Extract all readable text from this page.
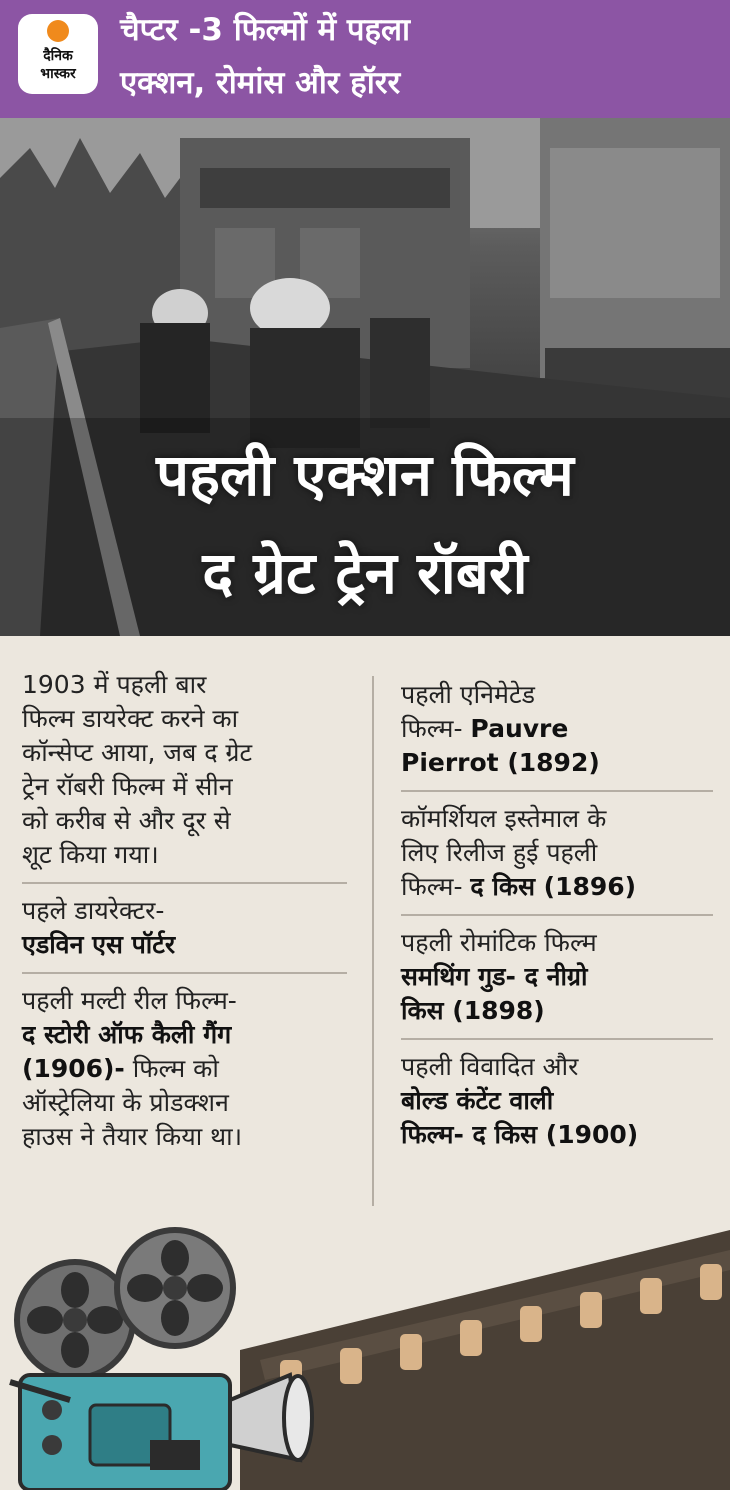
दैनिक
भास्कर
चैप्टर -3 फिल्मों में पहला
एक्शन, रोमांस और हॉरर
पहली एक्शन फिल्म
द ग्रेट ट्रेन रॉबरी
1903 में पहली बार
फिल्म डायरेक्ट करने का
कॉन्सेप्ट आया, जब द ग्रेट
ट्रेन रॉबरी फिल्म में सीन
को करीब से और दूर से
शूट किया गया।
पहले डायरेक्टर-
एडविन एस पॉर्टर
पहली मल्टी रील फिल्म-
द स्टोरी ऑफ कैली गैंग
(1906)- फिल्म को
ऑस्ट्रेलिया के प्रोडक्शन
हाउस ने तैयार किया था।
पहली एनिमेटेड
फिल्म- Pauvre
Pierrot (1892)
कॉमर्शियल इस्तेमाल के
लिए रिलीज हुई पहली
फिल्म- द किस (1896)
पहली रोमांटिक फिल्म
समथिंग गुड- द नीग्रो
किस (1898)
पहली विवादित और
बोल्ड कंटेंट वाली
फिल्म- द किस (1900)
